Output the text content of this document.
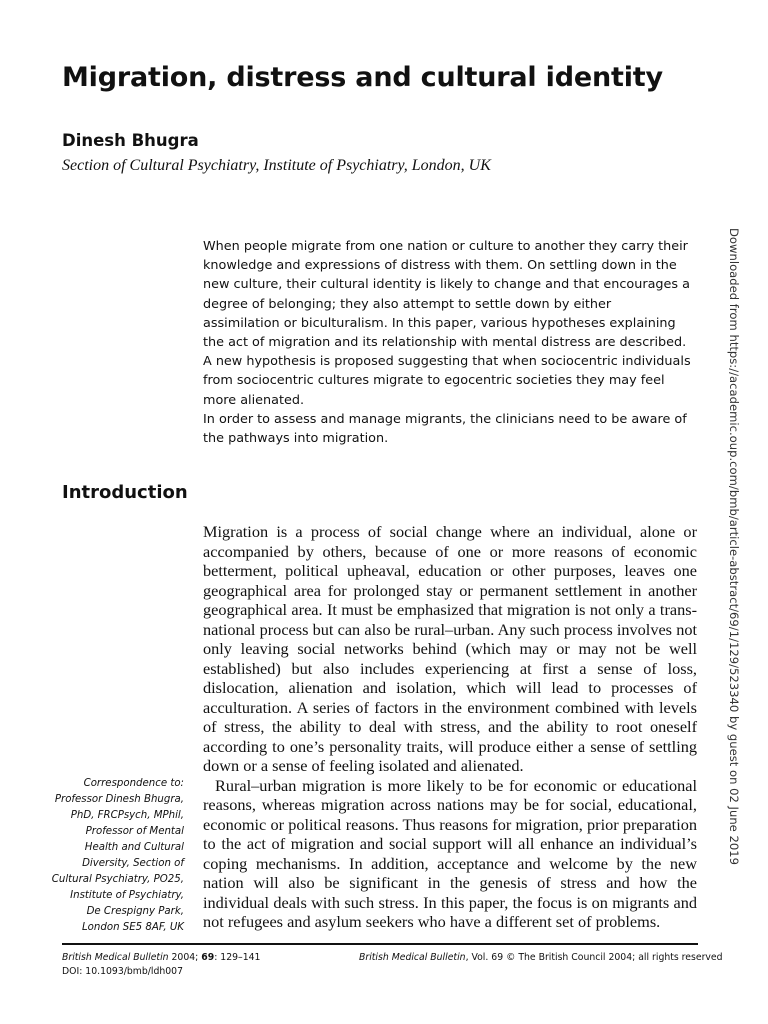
Migration, distress and cultural identity
Dinesh Bhugra
Section of Cultural Psychiatry, Institute of Psychiatry, London, UK

When people migrate from one nation or culture to another they carry their knowledge and expressions of distress with them. On settling down in the new culture, their cultural identity is likely to change and that encourages a degree of belonging; they also attempt to settle down by either assimilation or biculturalism. In this paper, various hypotheses explaining the act of migration and its relationship with mental distress are described. A new hypothesis is proposed suggesting that when sociocentric individuals from sociocentric cultures migrate to egocentric societies they may feel more alienated.

In order to assess and manage migrants, the clinicians need to be aware of the pathways into migration.

Introduction

Migration is a process of social change where an individual, alone or accompanied by others, because of one or more reasons of economic betterment, political upheaval, education or other purposes, leaves one geographical area for prolonged stay or permanent settlement in another geographical area. It must be emphasized that migration is not only a trans-national process but can also be rural–urban. Any such process involves not only leaving social networks behind (which may or may not be well established) but also includes experiencing at first a sense of loss, dislocation, alienation and isolation, which will lead to processes of acculturation. A series of factors in the environment combined with levels of stress, the ability to deal with stress, and the ability to root oneself according to one’s personality traits, will produce either a sense of settling down or a sense of feeling isolated and alienated.

Rural–urban migration is more likely to be for economic or educational reasons, whereas migration across nations may be for social, educational, economic or political reasons. Thus reasons for migration, prior preparation to the act of migration and social support will all enhance an individual’s coping mechanisms. In addition, acceptance and welcome by the new nation will also be significant in the genesis of stress and how the individual deals with such stress. In this paper, the focus is on migrants and not refugees and asylum seekers who have a different set of problems.

Correspondence to:
Professor Dinesh Bhugra,
PhD, FRCPsych, MPhil,
Professor of Mental
Health and Cultural
Diversity, Section of
Cultural Psychiatry, PO25,
Institute of Psychiatry,
De Crespigny Park,
London SE5 8AF, UK
British Medical Bulletin 2004; 69: 129–141
DOI: 10.1093/bmb/ldh007
British Medical Bulletin, Vol. 69 © The British Council 2004; all rights reserved
Downloaded from https://academic.oup.com/bmb/article-abstract/69/1/129/523340 by guest on 02 June 2019
